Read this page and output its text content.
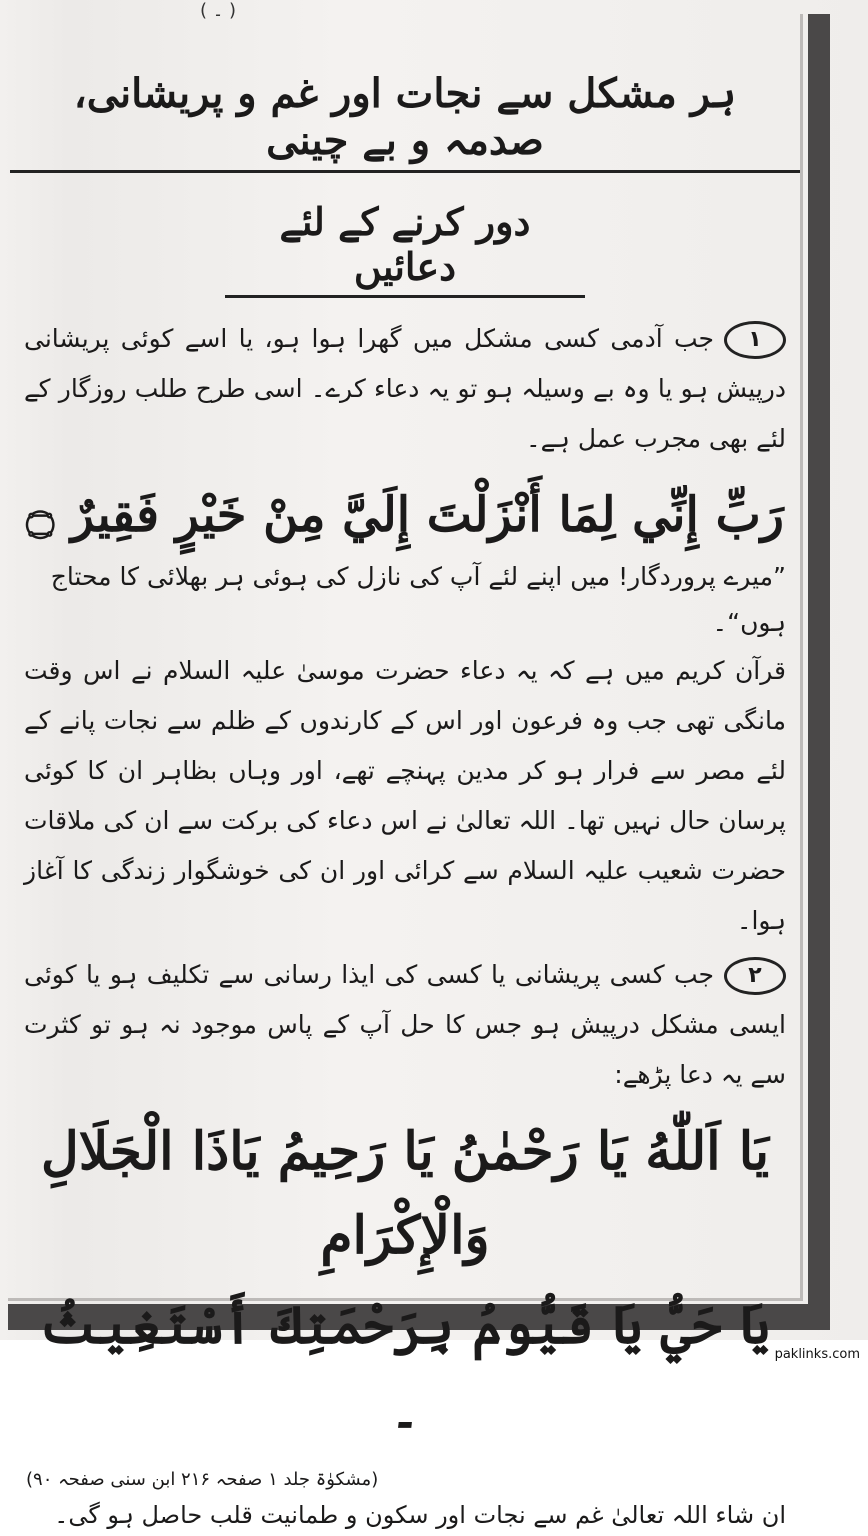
( ۔ )
ہر مشکل سے نجات اور غم و پریشانی، صدمہ و بے چینی
دور کرنے کے لئے دعائیں

۱جب آدمی کسی مشکل میں گھرا ہوا ہو، یا اسے کوئی پریشانی درپیش ہو یا وہ بے وسیلہ ہو تو یہ دعاء کرے۔ اسی طرح طلب روزگار کے لئے بھی مجرب عمل ہے۔

رَبِّ إِنِّي لِمَا أَنْزَلْتَ إِلَيَّ مِنْ خَيْرٍ فَقِيرٌ ۝
”میرے پروردگار! میں اپنے لئے آپ کی نازل کی ہوئی ہر بھلائی کا محتاج ہوں“۔

قرآن کریم میں ہے کہ یہ دعاء حضرت موسیٰ علیہ السلام نے اس وقت مانگی تھی جب وہ فرعون اور اس کے کارندوں کے ظلم سے نجات پانے کے لئے مصر سے فرار ہو کر مدین پہنچے تھے، اور وہاں بظاہر ان کا کوئی پرسان حال نہیں تھا۔ اللہ تعالیٰ نے اس دعاء کی برکت سے ان کی ملاقات حضرت شعیب علیہ السلام سے کرائی اور ان کی خوشگوار زندگی کا آغاز ہوا۔

۲جب کسی پریشانی یا کسی کی ایذا رسانی سے تکلیف ہو یا کوئی ایسی مشکل درپیش ہو جس کا حل آپ کے پاس موجود نہ ہو تو کثرت سے یہ دعا پڑھے:

يَا اَللّٰهُ يَا رَحْمٰنُ يَا رَحِيمُ يَاذَا الْجَلَالِ وَالْإِكْرَامِ
يَا حَيُّ يَا قَيُّومُ بِرَحْمَتِكَ أَسْتَغِيثُ ۔
(مشکوٰۃ جلد ۱ صفحہ ۲۱۶ ابن سنی صفحہ ۹۰)
ان شاء اللہ تعالیٰ غم سے نجات اور سکون و طمانیت قلب حاصل ہو گی۔
paklinks.com
